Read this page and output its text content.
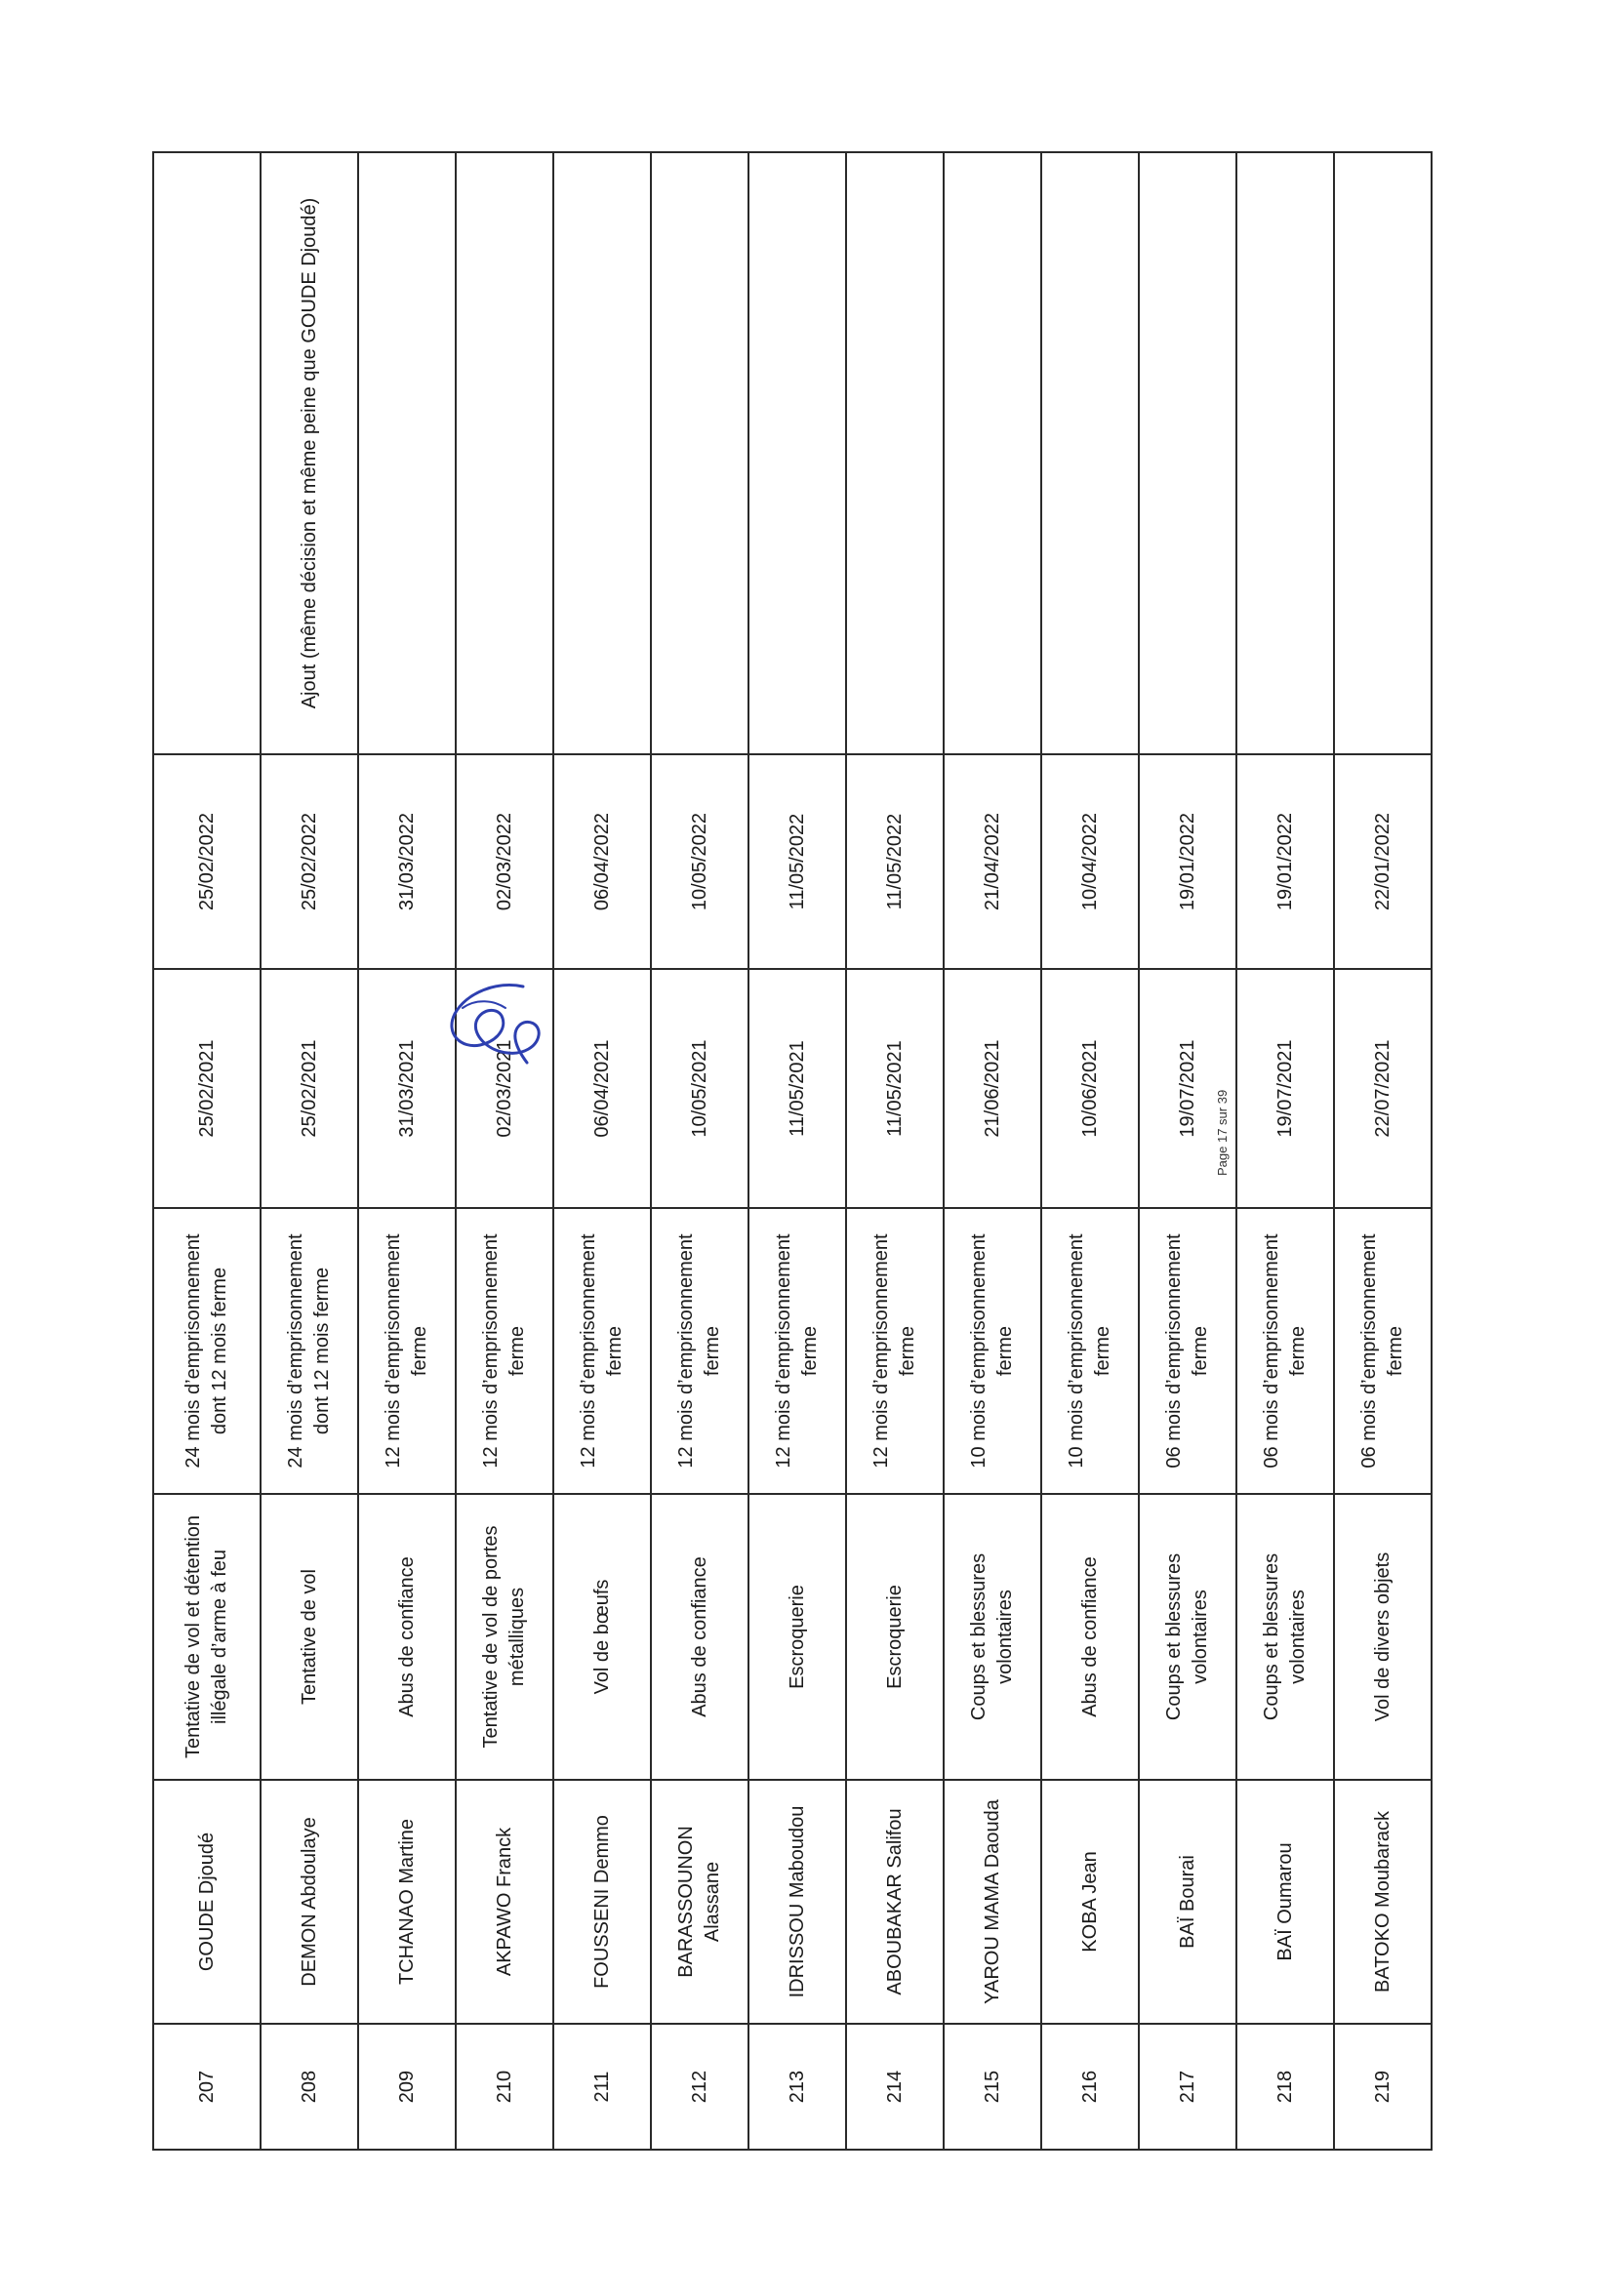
207	GOUDE Djoudé	Tentative de vol et détention illégale d’arme à feu	24 mois d’emprisonnement dont 12 mois ferme	25/02/2021	25/02/2022	
208	DEMON Abdoulaye	Tentative de vol	24 mois d’emprisonnement dont 12 mois ferme	25/02/2021	25/02/2022	Ajout (même décision et même peine que GOUDE Djoudé)
209	TCHANAO Martine	Abus de confiance	12 mois d’emprisonnement ferme	31/03/2021	31/03/2022	
210	AKPAWO Franck	Tentative de vol de portes métalliques	12 mois d’emprisonnement ferme	02/03/2021	02/03/2022	
211	FOUSSENI Demmo	Vol de bœufs	12 mois d’emprisonnement ferme	06/04/2021	06/04/2022	
212	BARASSOUNON Alassane	Abus de confiance	12 mois d’emprisonnement ferme	10/05/2021	10/05/2022	
213	IDRISSOU Maboudou	Escroquerie	12 mois d’emprisonnement ferme	11/05/2021	11/05/2022	
214	ABOUBAKAR Salifou	Escroquerie	12 mois d’emprisonnement ferme	11/05/2021	11/05/2022	
215	YAROU MAMA Daouda	Coups et blessures volontaires	10 mois d’emprisonnement ferme	21/06/2021	21/04/2022	
216	KOBA Jean	Abus de confiance	10 mois d’emprisonnement ferme	10/06/2021	10/04/2022	
217	BAÏ Bourai	Coups et blessures volontaires	06 mois d’emprisonnement ferme	19/07/2021	19/01/2022	
218	BAÏ Oumarou	Coups et blessures volontaires	06 mois d’emprisonnement ferme	19/07/2021	19/01/2022	
219	BATOKO Moubarack	Vol de divers objets	06 mois d’emprisonnement ferme	22/07/2021	22/01/2022	
Page 17 sur 39
